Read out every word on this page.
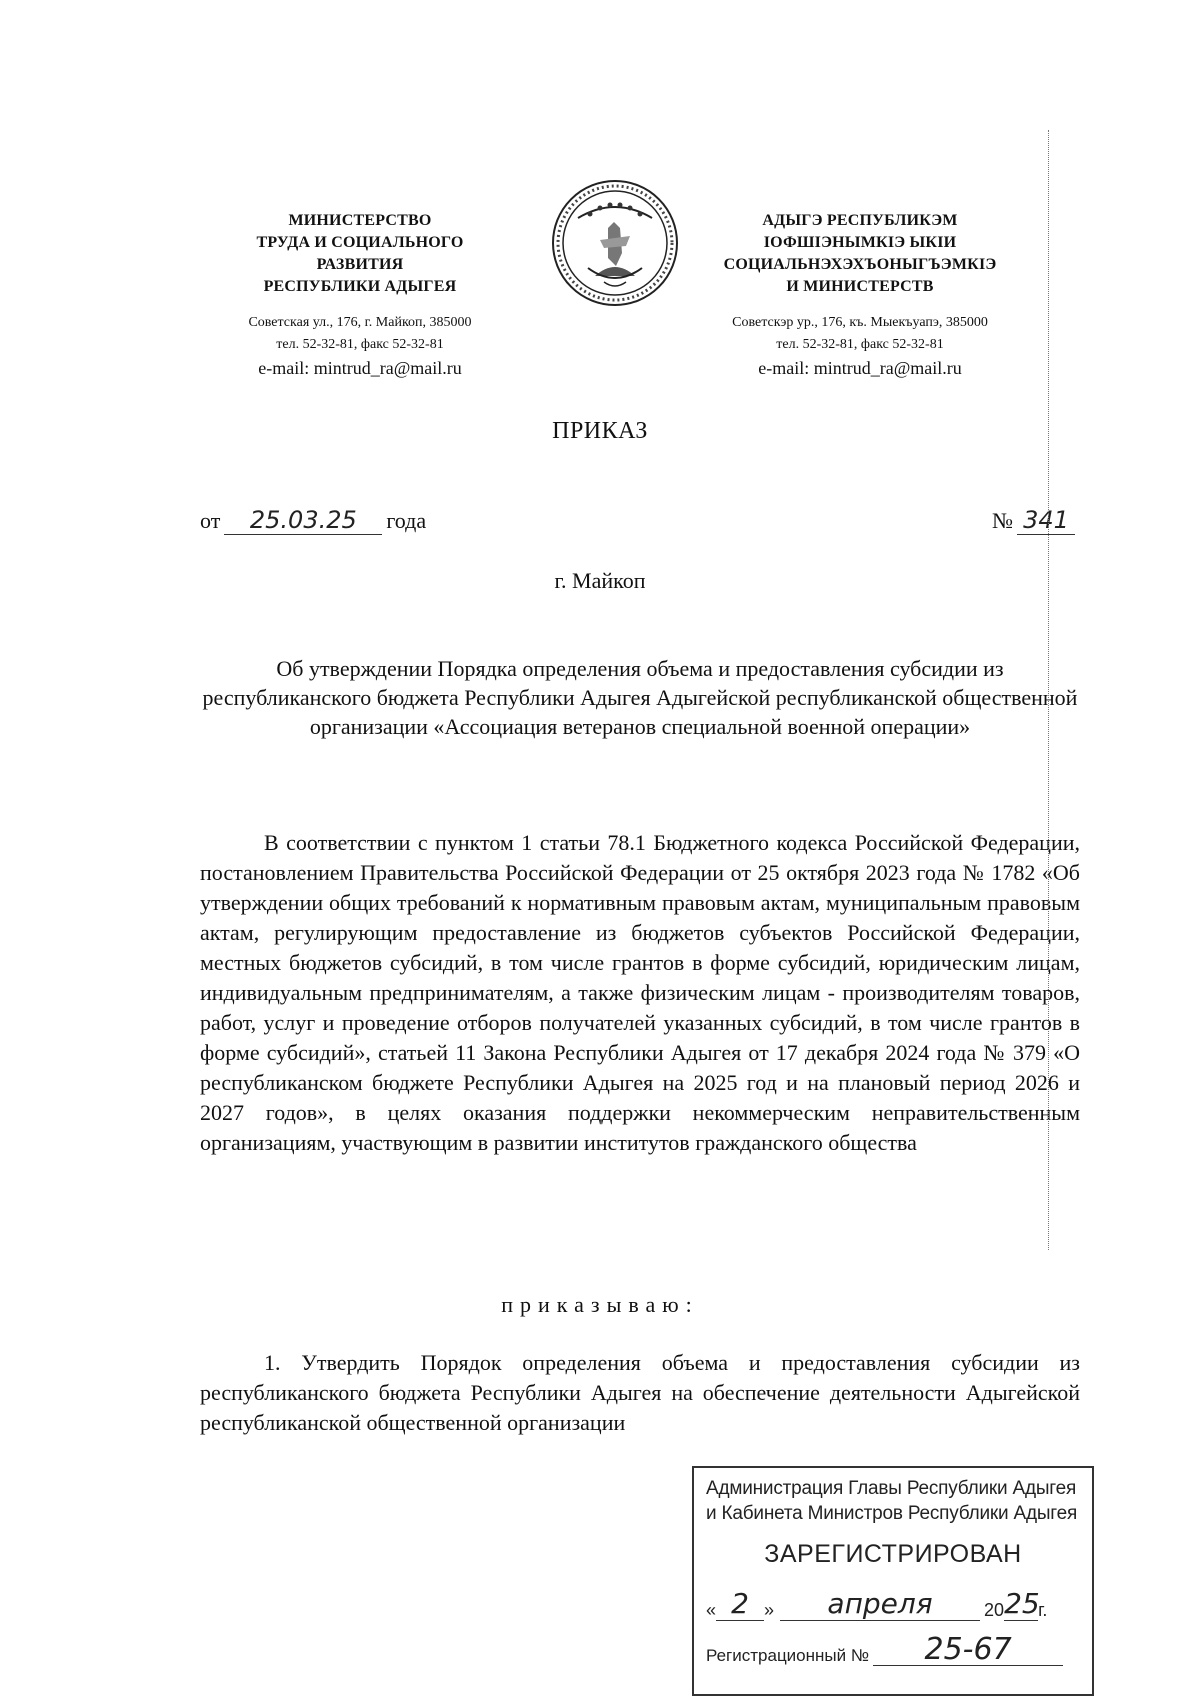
МИНИСТЕРСТВО
ТРУДА И СОЦИАЛЬНОГО
РАЗВИТИЯ
РЕСПУБЛИКИ АДЫГЕЯ
Советская ул., 176, г. Майкоп, 385000
тел. 52-32-81, факс 52-32-81
e-mail: mintrud_ra@mail.ru
АДЫГЭ РЕСПУБЛИКЭМ
ІОФШІЭНЫМКІЭ ЫКІИ
СОЦИАЛЬНЭХЭХЪОНЫГЪЭМКІЭ
И МИНИСТЕРСТВ
Советскэр ур., 176, къ. Мыекъуапэ, 385000
тел. 52-32-81, факс 52-32-81
e-mail: mintrud_ra@mail.ru
ПРИКАЗ
от 25.03.25 года	№ 341
г. Майкоп
Об утверждении Порядка определения объема и предоставления субсидии из республиканского бюджета Республики Адыгея Адыгейской республиканской общественной организации «Ассоциация ветеранов специальной военной операции»

В соответствии с пунктом 1 статьи 78.1 Бюджетного кодекса Российской Федерации, постановлением Правительства Российской Федерации от 25 октября 2023 года № 1782 «Об утверждении общих требований к нормативным правовым актам, муниципальным правовым актам, регулирующим предоставление из бюджетов субъектов Российской Федерации, местных бюджетов субсидий, в том числе грантов в форме субсидий, юридическим лицам, индивидуальным предпринимателям, а также физическим лицам - производителям товаров, работ, услуг и проведение отборов получателей указанных субсидий, в том числе грантов в форме субсидий», статьей 11 Закона Республики Адыгея от 17 декабря 2024 года № 379 «О республиканском бюджете Республики Адыгея на 2025 год и на плановый период 2026 и 2027 годов», в целях оказания поддержки некоммерческим неправительственным организациям, участвующим в развитии институтов гражданского общества

приказываю:

1. Утвердить Порядок определения объема и предоставления субсидии из республиканского бюджета Республики Адыгея на обеспечение деятельности Адыгейской республиканской общественной организации

Администрация Главы Республики Адыгея
и Кабинета Министров Республики Адыгея
ЗАРЕГИСТРИРОВАН
« 2 »	апреля	20 25
г.
Регистрационный №	25-67
